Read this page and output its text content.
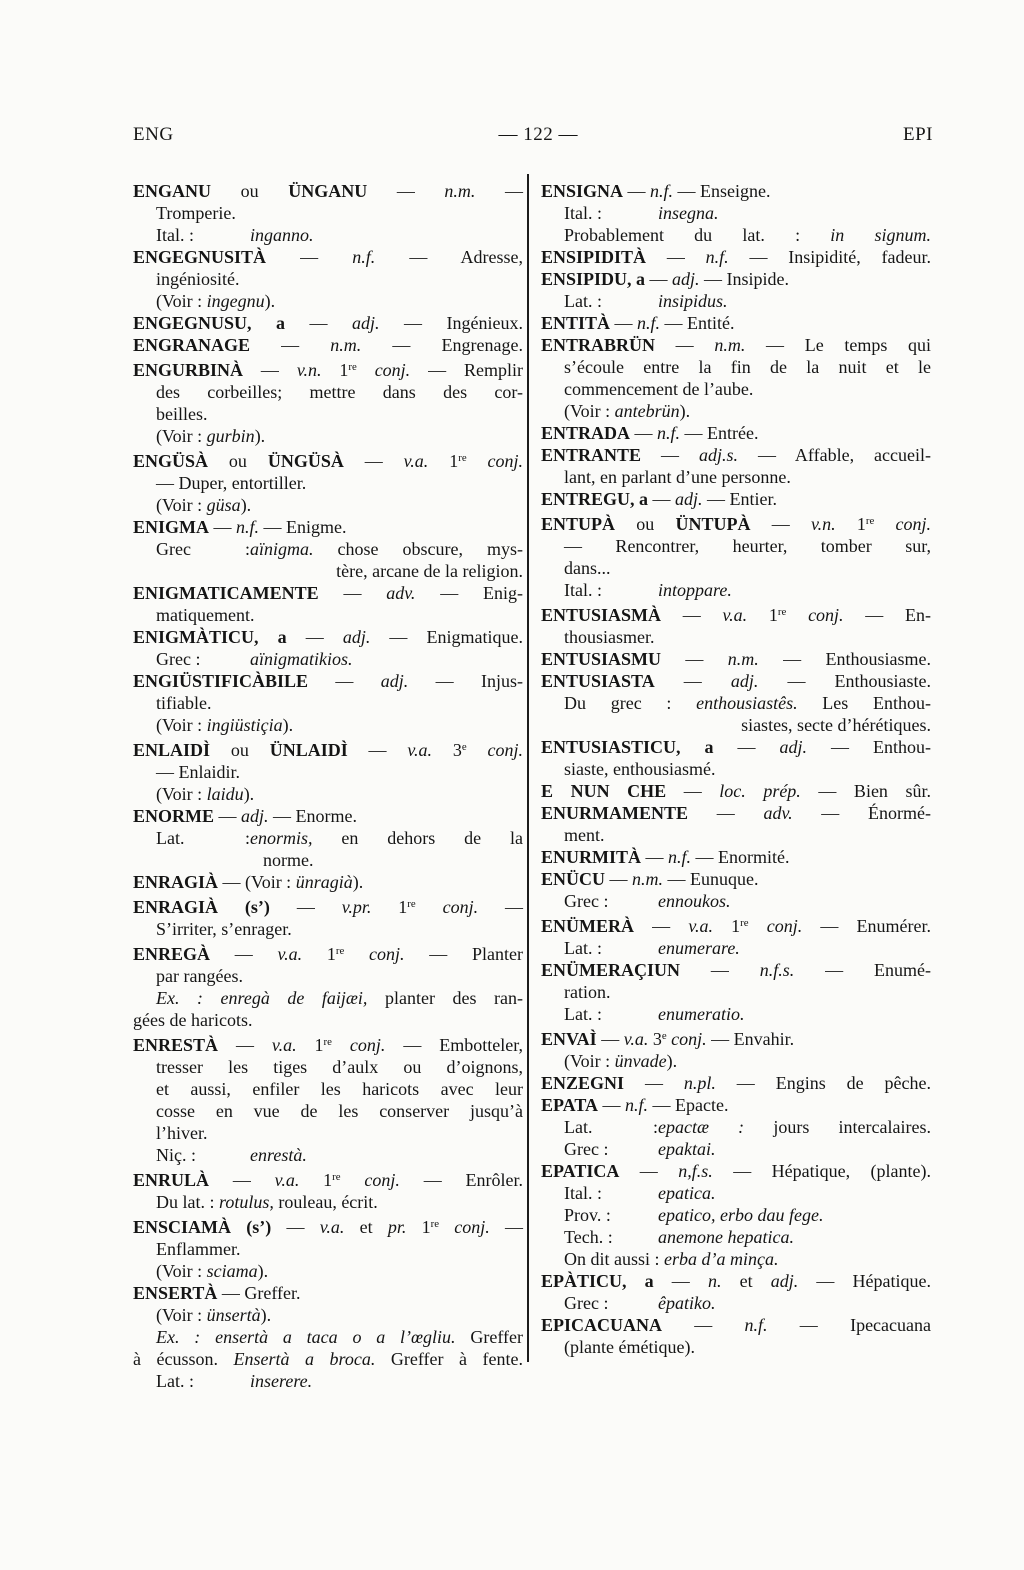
ENG	— 122 —	EPI
ENGANU ou ÜNGANU — n.m. —
Tromperie.
Ital. :	inganno.
ENGEGNUSITÀ — n.f. — Adresse,
ingéniosité.
(Voir : ingegnu).
ENGEGNUSU, a — adj. — Ingénieux.
ENGRANAGE — n.m. — Engrenage.
ENGURBINÀ — v.n. 1re conj. — Remplir
des corbeilles; mettre dans des cor-
beilles.
(Voir : gurbin).
ENGÜSÀ ou ÜNGÜSÀ — v.a. 1re conj.
— Duper, entortiller.
(Voir : güsa).
ENIGMA — n.f. — Enigme.
Grec :aïnigma. chose obscure, mys-
tère, arcane de la religion.
ENIGMATICAMENTE — adv. — Enig-
matiquement.
ENIGMÀTICU, a — adj. — Enigmatique.
Grec :	aïnigmatikios.
ENGIÜSTIFICÀBILE — adj. — Injus-
tifiable.
(Voir : ingiüstiçia).
ENLAIDÌ ou ÜNLAIDÌ — v.a. 3e conj.
— Enlaidir.
(Voir : laidu).
ENORME — adj. — Enorme.
Lat. :enormis, en dehors de la
norme.
ENRAGIÀ — (Voir : ünragià).
ENRAGIÀ (s’) — v.pr. 1re conj. —
S’irriter, s’enrager.
ENREGÀ — v.a. 1re conj. — Planter
par rangées.
Ex. : enregà de faijæi, planter des ran-
gées de haricots.
ENRESTÀ — v.a. 1re conj. — Embotteler,
tresser les tiges d’aulx ou d’oignons,
et aussi, enfiler les haricots avec leur
cosse en vue de les conserver jusqu’à
l’hiver.
Niç. :	enrestà.
ENRULÀ — v.a. 1re conj. — Enrôler.
Du lat. : rotulus, rouleau, écrit.
ENSCIAMÀ (s’) — v.a. et pr. 1re conj. —
Enflammer.
(Voir : sciama).
ENSERTÀ — Greffer.
(Voir : ünsertà).
Ex. : ensertà a taca o a l’œgliu. Greffer
à écusson. Ensertà a broca. Greffer à fente.
Lat. :	inserere.
ENSIGNA — n.f. — Enseigne.
Ital. :	insegna.
Probablement du lat. : in signum.
ENSIPIDITÀ — n.f. — Insipidité, fadeur.
ENSIPIDU, a — adj. — Insipide.
Lat. :	insipidus.
ENTITÀ — n.f. — Entité.
ENTRABRÜN — n.m. — Le temps qui
s’écoule entre la fin de la nuit et le
commencement de l’aube.
(Voir : antebrün).
ENTRADA — n.f. — Entrée.
ENTRANTE — adj.s. — Affable, accueil-
lant, en parlant d’une personne.
ENTREGU, a — adj. — Entier.
ENTUPÀ ou ÜNTUPÀ — v.n. 1re conj.
— Rencontrer, heurter, tomber sur,
dans...
Ital. :	intoppare.
ENTUSIASMÀ — v.a. 1re conj. — En-
thousiasmer.
ENTUSIASMU — n.m. — Enthousiasme.
ENTUSIASTA — adj. — Enthousiaste.
Du grec : enthousiastês. Les Enthou-
siastes, secte d’hérétiques.
ENTUSIASTICU, a — adj. — Enthou-
siaste, enthousiasmé.
E NUN CHE — loc. prép. — Bien sûr.
ENURMAMENTE — adv. — Énormé-
ment.
ENURMITÀ — n.f. — Enormité.
ENÜCU — n.m. — Eunuque.
Grec :	ennoukos.
ENÜMERÀ — v.a. 1re conj. — Enumérer.
Lat. :	enumerare.
ENÜMERAÇIUN — n.f.s. — Enumé-
ration.
Lat. :	enumeratio.
ENVAÌ — v.a. 3e conj. — Envahir.
(Voir : ünvade).
ENZEGNI — n.pl. — Engins de pêche.
EPATA — n.f. — Epacte.
Lat. :epactæ : jours intercalaires.
Grec :	epaktai.
EPATICA — n,f.s. — Hépatique, (plante).
Ital. :	epatica.
Prov. :	epatico, erbo dau fege.
Tech. :	anemone hepatica.
On dit aussi : erba d’a minça.
EPÀTICU, a — n. et adj. — Hépatique.
Grec :	êpatiko.
EPICACUANA — n.f. — Ipecacuana
(plante émétique).
